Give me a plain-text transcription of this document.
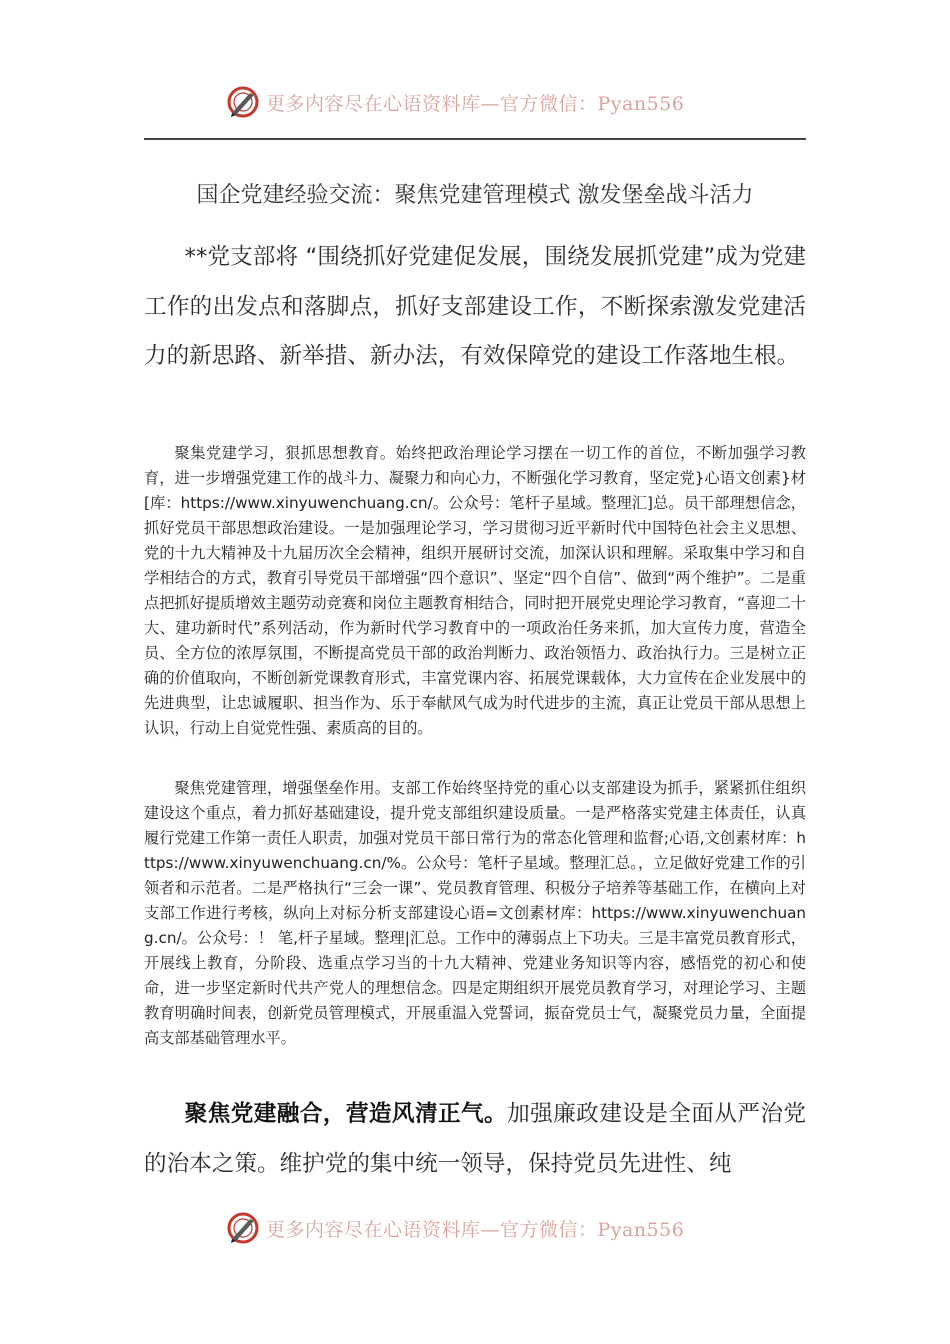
更多内容尽在心语资料库—官方微信：Pyan556
国企党建经验交流：聚焦党建管理模式 激发堡垒战斗活力
**党支部将 “围绕抓好党建促发展，围绕发展抓党建”成为党建工作的出发点和落脚点，抓好支部建设工作，不断探索激发党建活力的新思路、新举措、新办法，有效保障党的建设工作落地生根。
聚集党建学习，狠抓思想教育。始终把政治理论学习摆在一切工作的首位，不断加强学习教育，进一步增强党建工作的战斗力、凝聚力和向心力，不断强化学习教育，坚定党}心语文创素}材[库：https://www.xinyuwenchuang.cn/。公众号：笔杆子星域。整理汇]总。员干部理想信念，抓好党员干部思想政治建设。一是加强理论学习，学习贯彻习近平新时代中国特色社会主义思想、党的十九大精神及十九届历次全会精神，组织开展研讨交流，加深认识和理解。采取集中学习和自学相结合的方式，教育引导党员干部增强“四个意识”、坚定“四个自信”、做到“两个维护”。二是重点把抓好提质增效主题劳动竞赛和岗位主题教育相结合，同时把开展党史理论学习教育，“喜迎二十大、建功新时代”系列活动，作为新时代学习教育中的一项政治任务来抓，加大宣传力度，营造全员、全方位的浓厚氛围，不断提高党员干部的政治判断力、政治领悟力、政治执行力。三是树立正确的价值取向，不断创新党课教育形式，丰富党课内容、拓展党课载体，大力宣传在企业发展中的先进典型，让忠诚履职、担当作为、乐于奉献风气成为时代进步的主流，真正让党员干部从思想上认识，行动上自觉党性强、素质高的目的。
聚焦党建管理，增强堡垒作用。支部工作始终坚持党的重心以支部建设为抓手，紧紧抓住组织建设这个重点，着力抓好基础建设，提升党支部组织建设质量。一是严格落实党建主体责任，认真履行党建工作第一责任人职责，加强对党员干部日常行为的常态化管理和监督;心语,文创素材库：https://www.xinyuwenchuang.cn/%。公众号：笔杆子星域。整理汇总。，立足做好党建工作的引领者和示范者。二是严格执行“三会一课”、党员教育管理、积极分子培养等基础工作，在横向上对支部工作进行考核，纵向上对标分析支部建设心语=文创素材库：https://www.xinyuwenchuang.cn/。公众号：！ 笔,杆子星域。整理|汇总。工作中的薄弱点上下功夫。三是丰富党员教育形式，开展线上教育，分阶段、选重点学习当的十九大精神、党建业务知识等内容，感悟党的初心和使命，进一步坚定新时代共产党人的理想信念。四是定期组织开展党员教育学习，对理论学习、主题教育明确时间表，创新党员管理模式，开展重温入党誓词，振奋党员士气，凝聚党员力量，全面提高支部基础管理水平。
聚焦党建融合，营造风清正气。加强廉政建设是全面从严治党的治本之策。维护党的集中统一领导，保持党员先进性、纯
更多内容尽在心语资料库—官方微信：Pyan556
